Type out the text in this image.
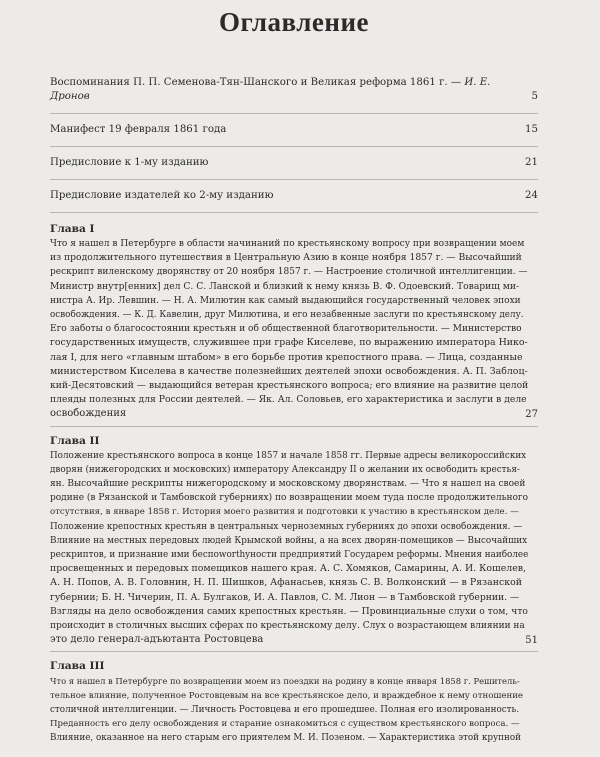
Оглавление
Воспоминания П. П. Семенова-Тян-Шанского и Великая реформа 1861 г. — И. Е. Дронов	5
Манифест 19 февраля 1861 года	15
Предисловие к 1-му изданию	21
Предисловие издателей ко 2-му изданию	24
Глава I
Что я нашел в Петербурге в области начинаний по крестьянскому вопросу при возвращении моем
из продолжительного путешествия в Центральную Азию в конце ноября 1857 г. — Высочайший
рескрипт виленскому дворянству от 20 ноября 1857 г. — Настроение столичной интеллигенции. —
Министр внутр[енних] дел С. С. Ланской и близкий к нему князь В. Ф. Одоевский. Товарищ ми-
нистра А. Ир. Левшин. — Н. А. Милютин как самый выдающийся государственный человек эпохи
освобождения. — К. Д. Кавелин, друг Милютина, и его незабвенные заслуги по крестьянскому делу.
Его заботы о благосостоянии крестьян и об общественной благотворительности. — Министерство
государственных имуществ, служившее при графе Киселеве, по выражению императора Нико-
лая I, для него «главным штабом» в его борьбе против крепостного права. — Лица, созданные
министерством Киселева в качестве полезнейших деятелей эпохи освобождения. А. П. Заблоц-
кий-Десятовский — выдающийся ветеран крестьянского вопроса; его влияние на развитие целой
плеяды полезных для России деятелей. — Як. Ал. Соловьев, его характеристика и заслуги в деле
освобождения	27
Глава II
Положение крестьянского вопроса в конце 1857 и начале 1858 гг. Первые адресы великороссийских
дворян (нижегородских и московских) императору Александру II о желании их освободить крестья-
ян. Высочайшие рескрипты нижегородскому и московскому дворянствам. — Что я нашел на своей
родине (в Рязанской и Тамбовской губерниях) по возвращении моем туда после продолжительного
отсутствия, в январе 1858 г. История моего развития и подготовки к участию в крестьянском деле. —
Положение крепостных крестьян в центральных черноземных губерниях до эпохи освобождения. —
Влияние на местных передовых людей Крымской войны, а на всех дворян-помещиков — Высочайших
рескриптов, и признание ими беспоworthyности предприятий Государем реформы. Мнения наиболее
просвещенных и передовых помещиков нашего края. А. С. Хомяков, Самарины, А. И. Кошелев,
А. Н. Попов, А. В. Головнин, Н. П. Шишков, Афанасьев, князь С. В. Волконский — в Рязанской
губернии; Б. Н. Чичерин, П. А. Булгаков, И. А. Павлов, С. М. Лион — в Тамбовской губернии. —
Взгляды на дело освобождения самих крепостных крестьян. — Провинциальные слухи о том, что
происходит в столичных высших сферах по крестьянскому делу. Слух о возрастающем влиянии на
это дело генерал-адъютанта Ростовцева	51
Глава III
Что я нашел в Петербурге по возвращении моем из поездки на родину в конце января 1858 г. Решитель-
тельное влияние, полученное Ростовцевым на все крестьянское дело, и враждебное к нему отношение
столичной интеллигенции. — Личность Ростовцева и его прошедшее. Полная его изолированность.
Преданность его делу освобождения и старание ознакомиться с существом крестьянского вопроса. —
Влияние, оказанное на него старым его приятелем М. И. Позеном. — Характеристика этой крупной
